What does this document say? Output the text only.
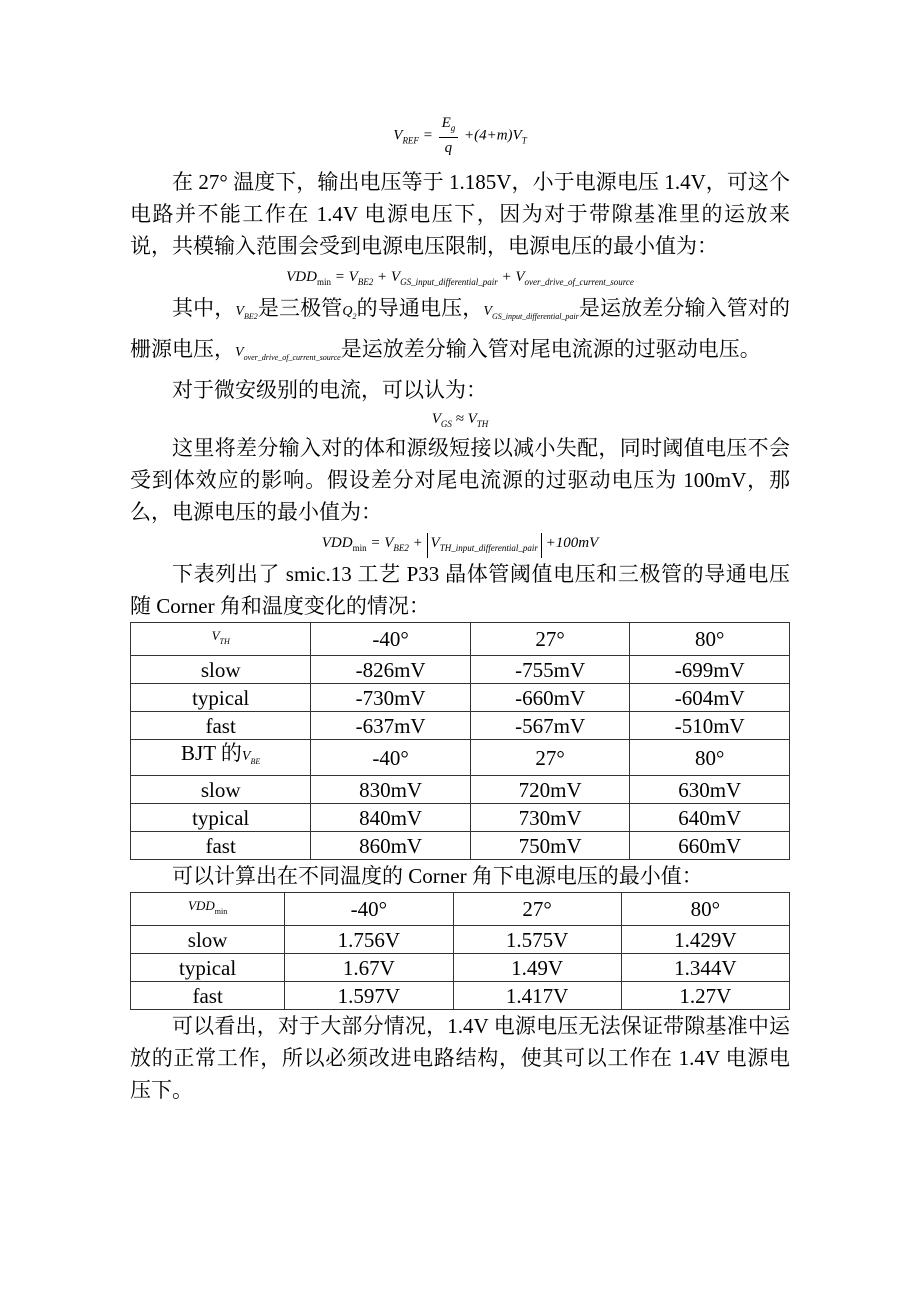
$V_{REF} = \frac{E_g}{q} +(4+m)V_T$

在 27° 温度下，输出电压等于 1.185V，小于电源电压 1.4V，可这个电路并不能工作在 1.4V 电源电压下，因为对于带隙基准里的运放来说，共模输入范围会受到电源电压限制，电源电压的最小值为：

$VDD_{min} = V_{BE2} + V_{GS\_input\_differential\_pair} + V_{over\_drive\_of\_current\_source}$

其中，$V_{BE2}$是三极管$Q_2$的导通电压，$V_{GS\_input\_differential\_pair}$是运放差分输入管对的栅源电压，$V_{over\_drive\_of\_current\_source}$是运放差分输入管对尾电流源的过驱动电压。

对于微安级别的电流，可以认为：

$V_{GS} \approx V_{TH}$

这里将差分输入对的体和源级短接以减小失配，同时阈值电压不会受到体效应的影响。假设差分对尾电流源的过驱动电压为 100mV，那么，电源电压的最小值为：

$VDD_{min} = V_{BE2} + V_{TH\_input\_differential\_pair} +100mV$

下表列出了 smic.13 工艺 P33 晶体管阈值电压和三极管的导通电压随 Corner 角和温度变化的情况：

$V_{TH}$	-40°	27°	80°
slow	-826mV	-755mV	-699mV
typical	-730mV	-660mV	-604mV
fast	-637mV	-567mV	-510mV
BJT 的$V_{BE}$	-40°	27°	80°
slow	830mV	720mV	630mV
typical	840mV	730mV	640mV
fast	860mV	750mV	660mV

可以计算出在不同温度的 Corner 角下电源电压的最小值：

$VDD_{min}$	-40°	27°	80°
slow	1.756V	1.575V	1.429V
typical	1.67V	1.49V	1.344V
fast	1.597V	1.417V	1.27V

可以看出，对于大部分情况，1.4V 电源电压无法保证带隙基准中运放的正常工作，所以必须改进电路结构，使其可以工作在 1.4V 电源电压下。
